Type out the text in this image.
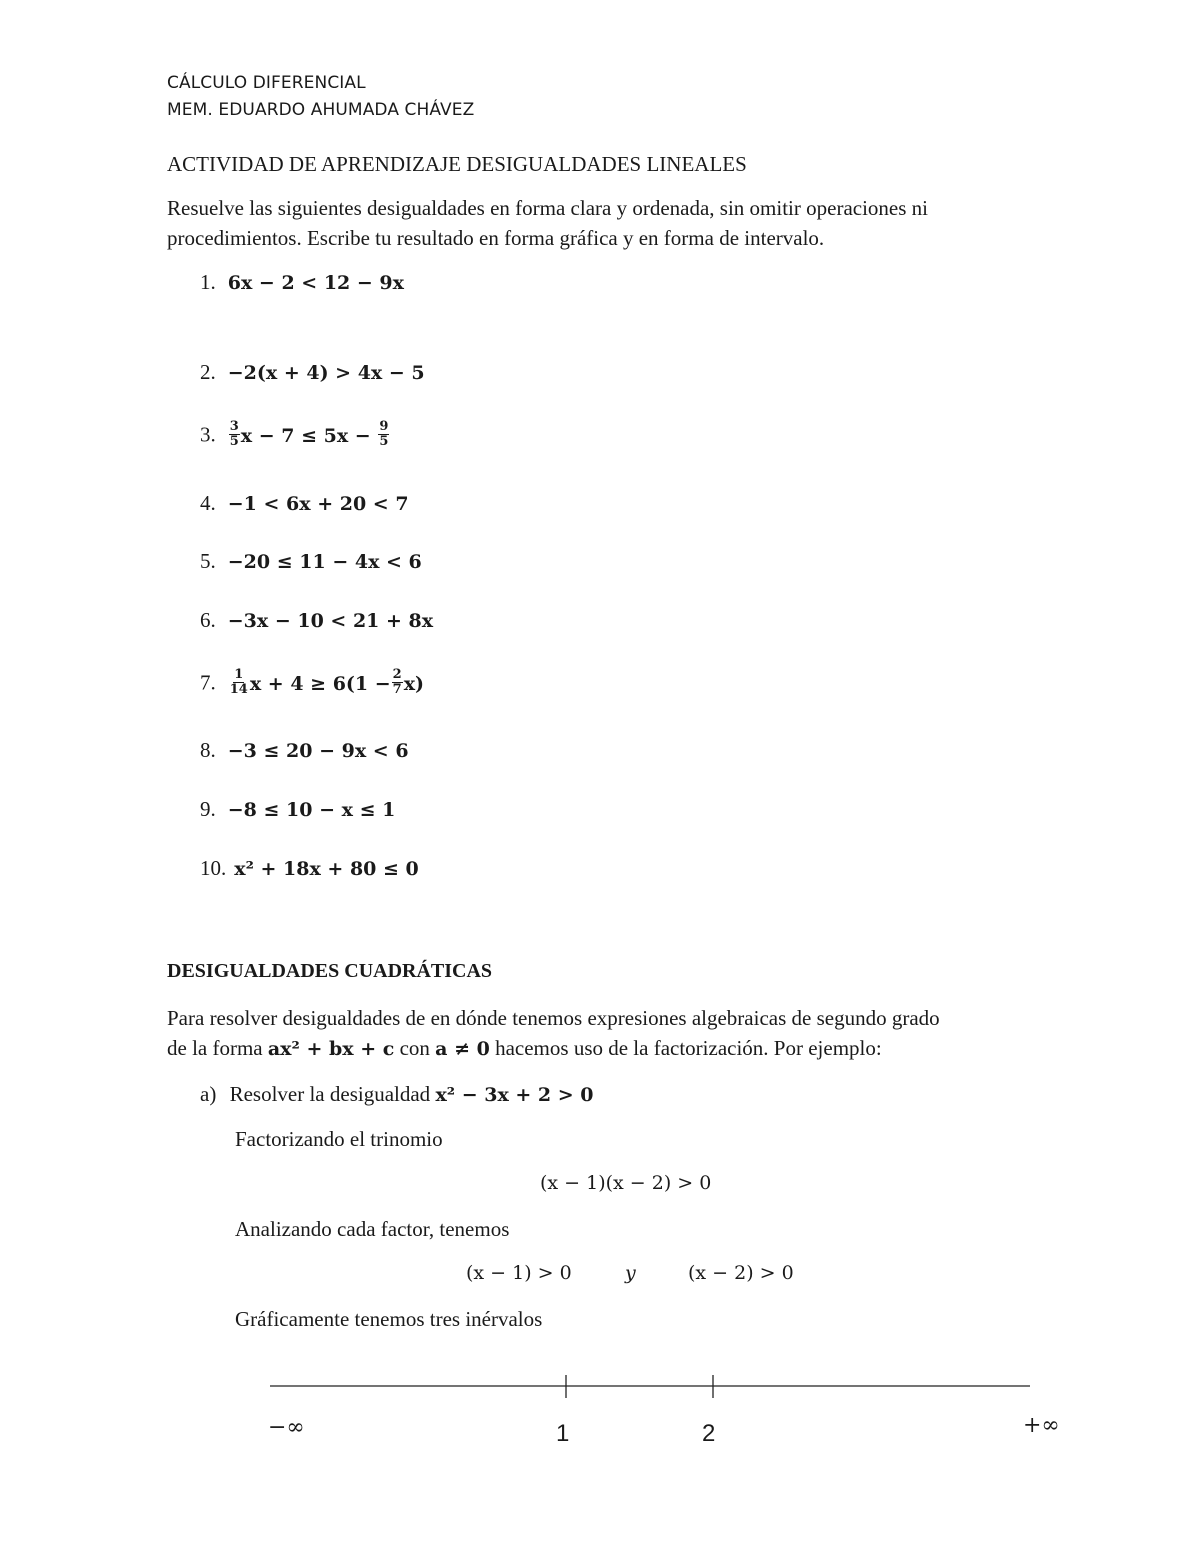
CÁLCULO DIFERENCIAL
MEM. EDUARDO AHUMADA CHÁVEZ
ACTIVIDAD DE APRENDIZAJE DESIGUALDADES LINEALES
Resuelve las siguientes desigualdades en forma clara y ordenada, sin omitir operaciones ni
procedimientos. Escribe tu resultado en forma gráfica y en forma de intervalo.
1. 6x − 2 < 12 − 9x
2. −2(x + 4) > 4x − 5
3. $\frac{3}{5}$ $x - 7 \le 5x - \frac{9}{5}$
4. −1 < 6x + 20 < 7
5. −20 ≤ 11 − 4x < 6
6. −3x − 10 < 21 + 8x
7. $\frac{1}{14}$ $x + 4 \ge 6(1 - \frac{2}{7} x)$
8. −3 ≤ 20 − 9x < 6
9. −8 ≤ 10 − x ≤ 1
10. x² + 18x + 80 ≤ 0
DESIGUALDADES CUADRÁTICAS
Para resolver desigualdades de en dónde tenemos expresiones algebraicas de segundo grado
de la forma ax² + bx + c con a ≠ 0 hacemos uso de la factorización. Por ejemplo:
a) Resolver la desigualdad x² − 3x + 2 > 0
Factorizando el trinomio
(x − 1)(x − 2) > 0
Analizando cada factor, tenemos
(x − 1) > 0	y	(x − 2) > 0
Gráficamente tenemos tres inérvalos
−∞	1	2	+∞
